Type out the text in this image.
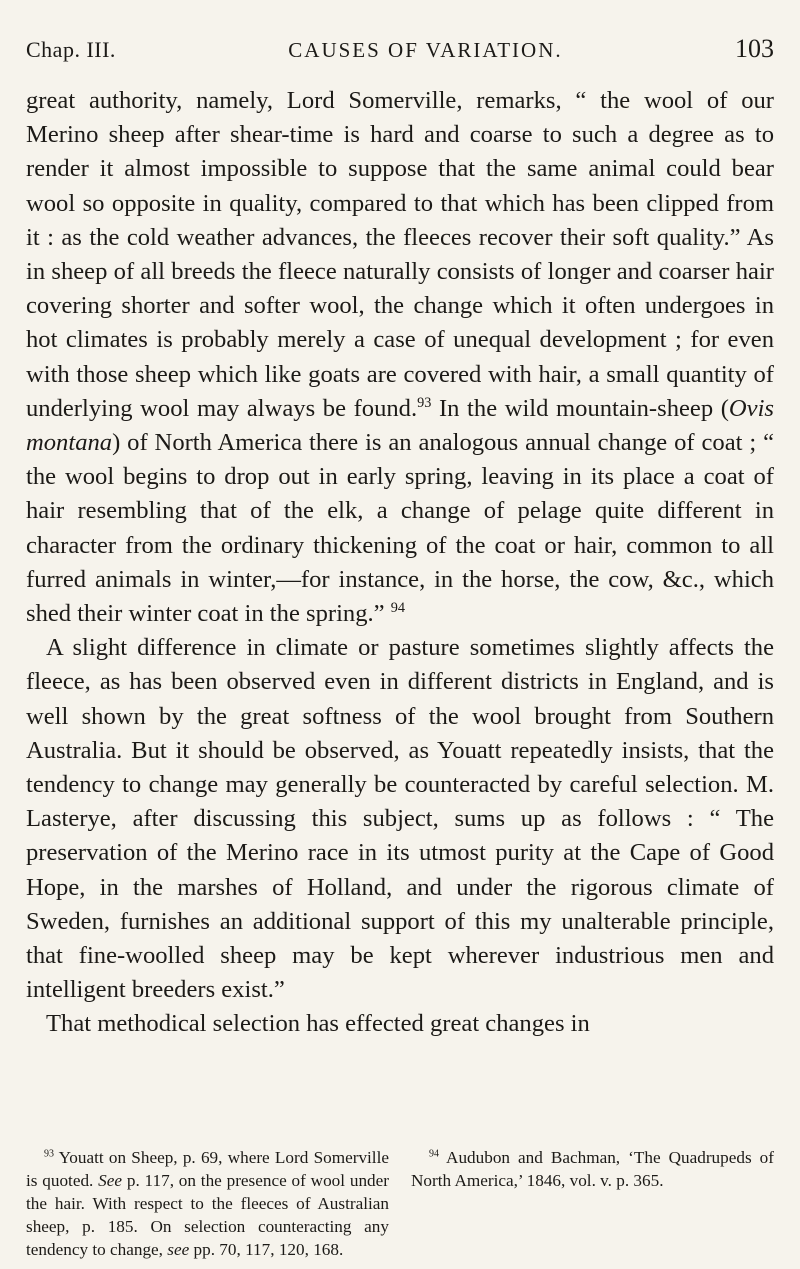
Chap. III.	CAUSES OF VARIATION.	103

great authority, namely, Lord Somerville, remarks, “ the wool of our Merino sheep after shear-time is hard and coarse to such a degree as to render it almost impossible to suppose that the same animal could bear wool so opposite in quality, compared to that which has been clipped from it : as the cold weather advances, the fleeces recover their soft quality.” As in sheep of all breeds the fleece naturally consists of longer and coarser hair covering shorter and softer wool, the change which it often undergoes in hot climates is probably merely a case of unequal development ; for even with those sheep which like goats are covered with hair, a small quantity of underlying wool may always be found.$^{93}$ In the wild mountain-sheep (Ovis montana) of North America there is an analogous annual change of coat ; “ the wool begins to drop out in early spring, leaving in its place a coat of hair resembling that of the elk, a change of pelage quite different in character from the ordinary thickening of the coat or hair, common to all furred animals in winter,—for instance, in the horse, the cow, &c., which shed their winter coat in the spring.” $^{94}$

A slight difference in climate or pasture sometimes slightly affects the fleece, as has been observed even in different districts in England, and is well shown by the great softness of the wool brought from Southern Australia. But it should be observed, as Youatt repeatedly insists, that the tendency to change may generally be counteracted by careful selection. M. Lasterye, after discussing this subject, sums up as follows : “ The preservation of the Merino race in its utmost purity at the Cape of Good Hope, in the marshes of Holland, and under the rigorous climate of Sweden, furnishes an additional support of this my unalterable principle, that fine-woolled sheep may be kept wherever industrious men and intelligent breeders exist.”

That methodical selection has effected great changes in

$^{93}$ Youatt on Sheep, p. 69, where Lord Somerville is quoted. See p. 117, on the presence of wool under the hair. With respect to the fleeces of Australian sheep, p. 185. On selection counteracting any tendency to change, see pp. 70, 117, 120, 168.

$^{94}$ Audubon and Bachman, ‘The Quadrupeds of North America,’ 1846, vol. v. p. 365.
